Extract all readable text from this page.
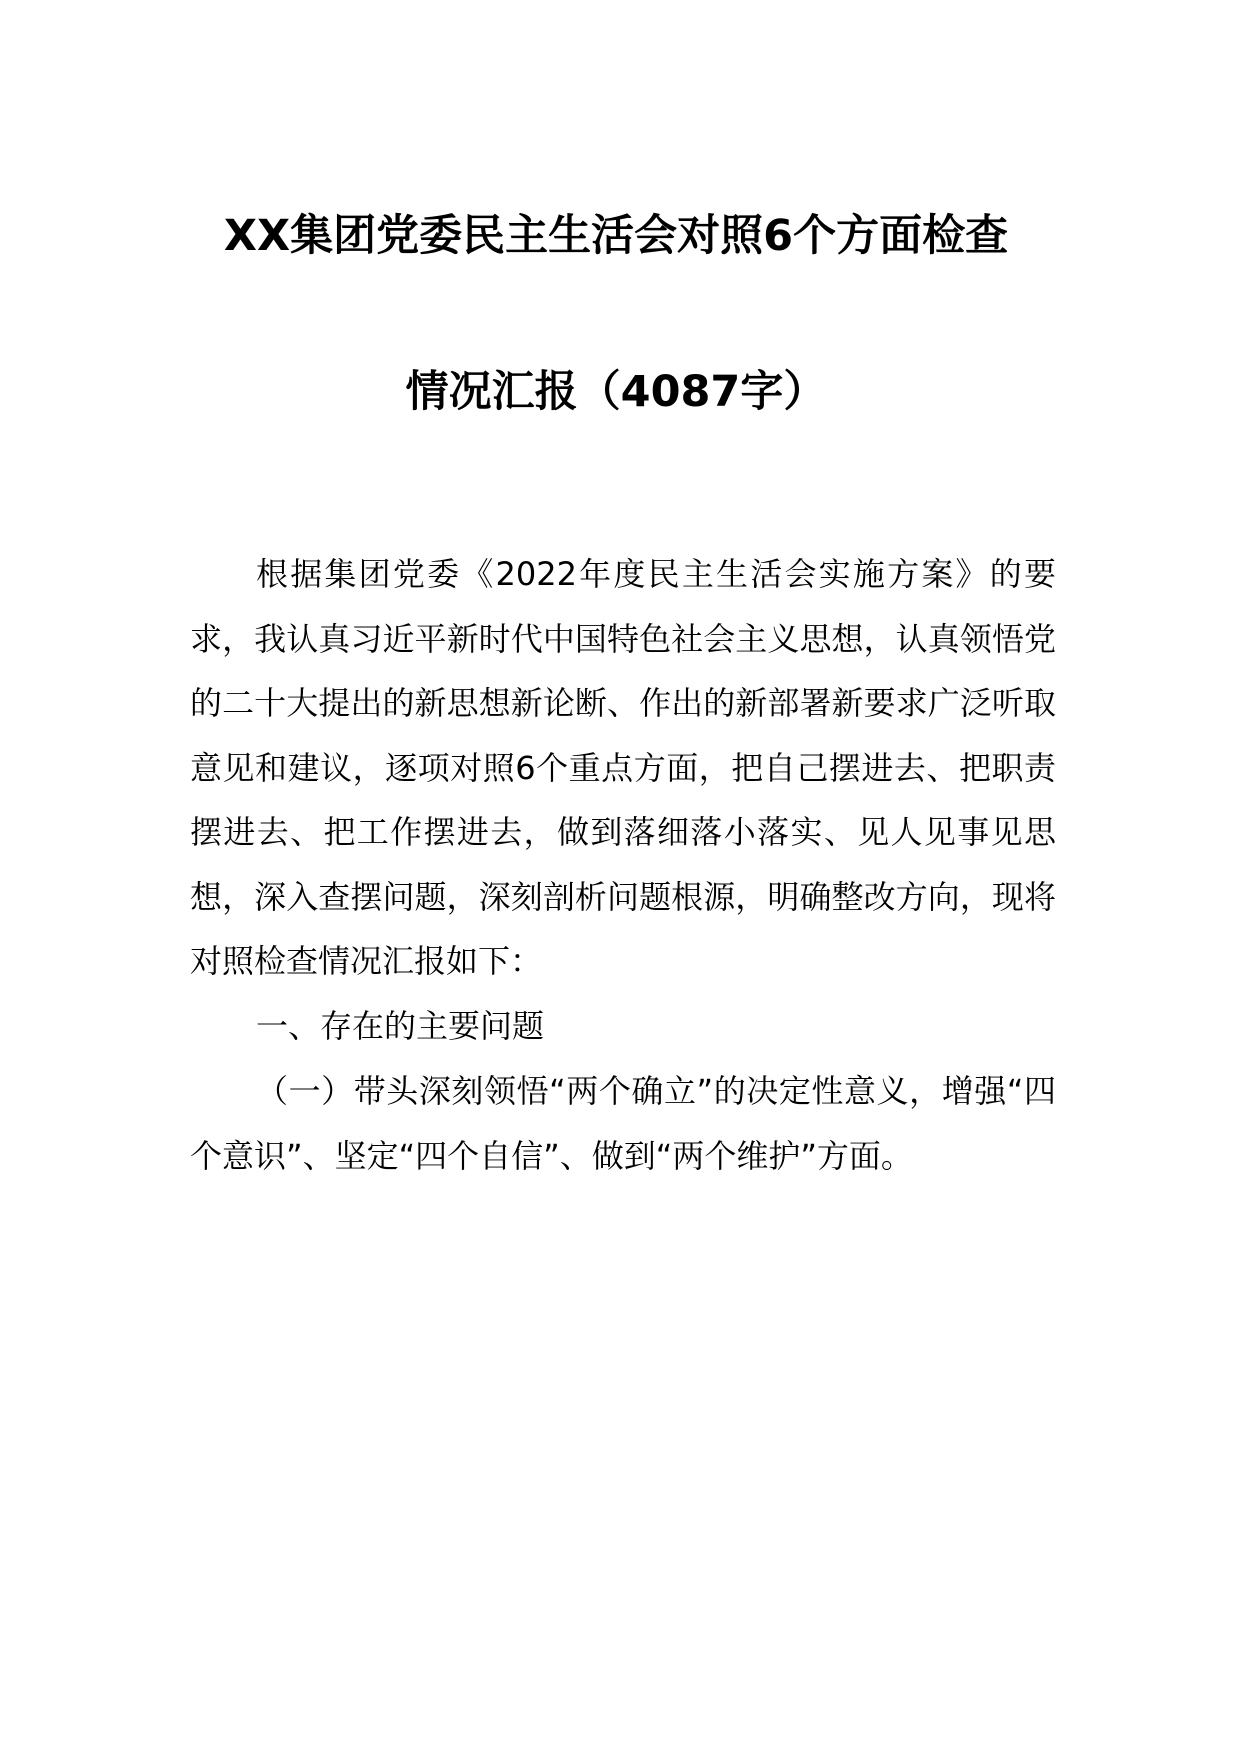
XX集团党委民主生活会对照6个方面检查
情况汇报（4087字）

根据集团党委《2022年度民主生活会实施方案》的要求，我认真习近平新时代中国特色社会主义思想，认真领悟党的二十大提出的新思想新论断、作出的新部署新要求广泛听取意见和建议，逐项对照6个重点方面，把自己摆进去、把职责摆进去、把工作摆进去，做到落细落小落实、见人见事见思想，深入查摆问题，深刻剖析问题根源，明确整改方向，现将对照检查情况汇报如下：

一、存在的主要问题

（一）带头深刻领悟“两个确立”的决定性意义，增强“四个意识”、坚定“四个自信”、做到“两个维护”方面。
